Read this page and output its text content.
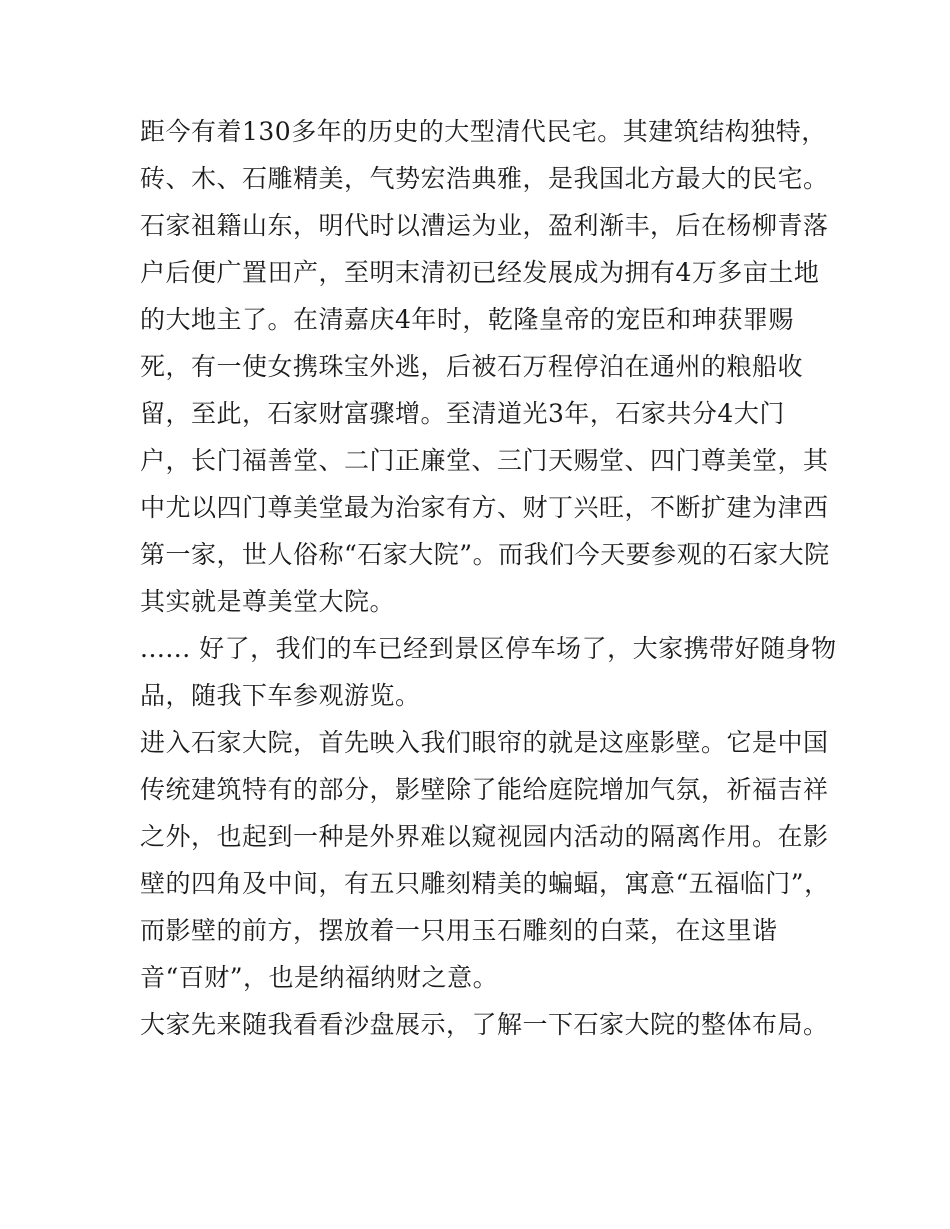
距今有着130多年的历史的大型清代民宅。其建筑结构独特，
砖、木、石雕精美，气势宏浩典雅，是我国北方最大的民宅。
石家祖籍山东，明代时以漕运为业，盈利渐丰，后在杨柳青落
户后便广置田产，至明末清初已经发展成为拥有4万多亩土地
的大地主了。在清嘉庆4年时，乾隆皇帝的宠臣和珅获罪赐
死，有一使女携珠宝外逃，后被石万程停泊在通州的粮船收
留，至此，石家财富骤增。至清道光3年，石家共分4大门
户，长门福善堂、二门正廉堂、三门天赐堂、四门尊美堂，其
中尤以四门尊美堂最为治家有方、财丁兴旺，不断扩建为津西
第一家，世人俗称“石家大院”。而我们今天要参观的石家大院
其实就是尊美堂大院。
...... 好了，我们的车已经到景区停车场了，大家携带好随身物
品，随我下车参观游览。
进入石家大院，首先映入我们眼帘的就是这座影壁。它是中国
传统建筑特有的部分，影壁除了能给庭院增加气氛，祈福吉祥
之外，也起到一种是外界难以窥视园内活动的隔离作用。在影
壁的四角及中间，有五只雕刻精美的蝙蝠，寓意“五福临门”，
而影壁的前方，摆放着一只用玉石雕刻的白菜，在这里谐
音“百财”，也是纳福纳财之意。
大家先来随我看看沙盘展示，了解一下石家大院的整体布局。
